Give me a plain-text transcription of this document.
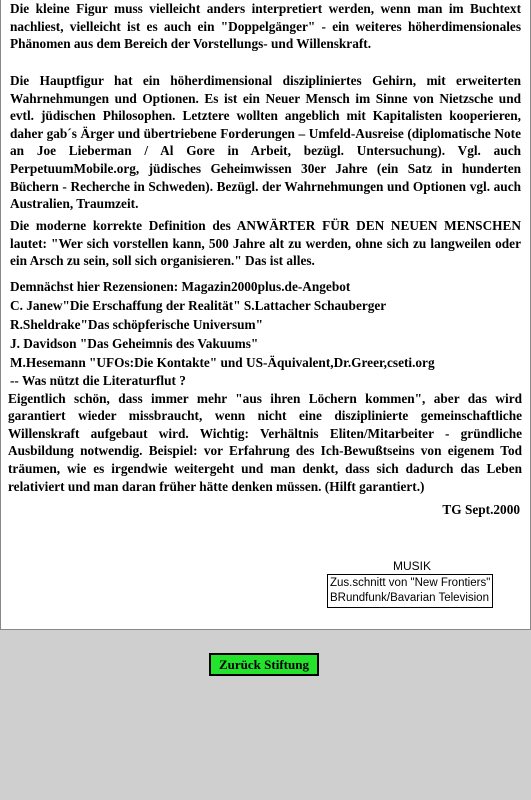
Die kleine Figur muss vielleicht anders interpretiert werden, wenn man im Buchtext nachliest, vielleicht ist es auch ein "Doppelgänger" - ein weiteres höherdimensionales Phänomen aus dem Bereich der Vorstellungs- und Willenskraft.

Die Hauptfigur hat ein höherdimensional diszipliniertes Gehirn, mit erweiterten Wahrnehmungen und Optionen. Es ist ein Neuer Mensch im Sinne von Nietzsche und evtl. jüdischen Philosophen. Letztere wollten angeblich mit Kapitalisten kooperieren, daher gab´s Ärger und übertriebene Forderungen – Umfeld-Ausreise (diplomatische Note an Joe Lieberman / Al Gore in Arbeit, bezügl. Untersuchung). Vgl. auch PerpetuumMobile.org, jüdisches Geheimwissen 30er Jahre (ein Satz in hunderten Büchern - Recherche in Schweden). Bezügl. der Wahrnehmungen und Optionen vgl. auch Australien, Traumzeit.

Die moderne korrekte Definition des ANWÄRTER FÜR DEN NEUEN MENSCHEN lautet: "Wer sich vorstellen kann, 500 Jahre alt zu werden, ohne sich zu langweilen oder ein Arsch zu sein, soll sich organisieren." Das ist alles.

Demnächst hier Rezensionen: Magazin2000plus.de-Angebot
C. Janew"Die Erschaffung der Realität" S.Lattacher Schauberger
R.Sheldrake"Das schöpferische Universum"
J. Davidson "Das Geheimnis des Vakuums"
M.Hesemann "UFOs:Die Kontakte" und US-Äquivalent,Dr.Greer,cseti.org

-- Was nützt die Literaturflut ?

Eigentlich schön, dass immer mehr "aus ihren Löchern kommen", aber das wird garantiert wieder missbraucht, wenn nicht eine disziplinierte gemeinschaftliche Willenskraft aufgebaut wird. Wichtig: Verhältnis Eliten/Mitarbeiter - gründliche Ausbildung notwendig. Beispiel: vor Erfahrung des Ich-Bewußtseins von eigenem Tod träumen, wie es irgendwie weitergeht und man denkt, dass sich dadurch das Leben relativiert und man daran früher hätte denken müssen. (Hilft garantiert.)

TG Sept.2000
MUSIK
Zus.schnitt von "New Frontiers"
BRundfunk/Bavarian Television
Zurück Stiftung
